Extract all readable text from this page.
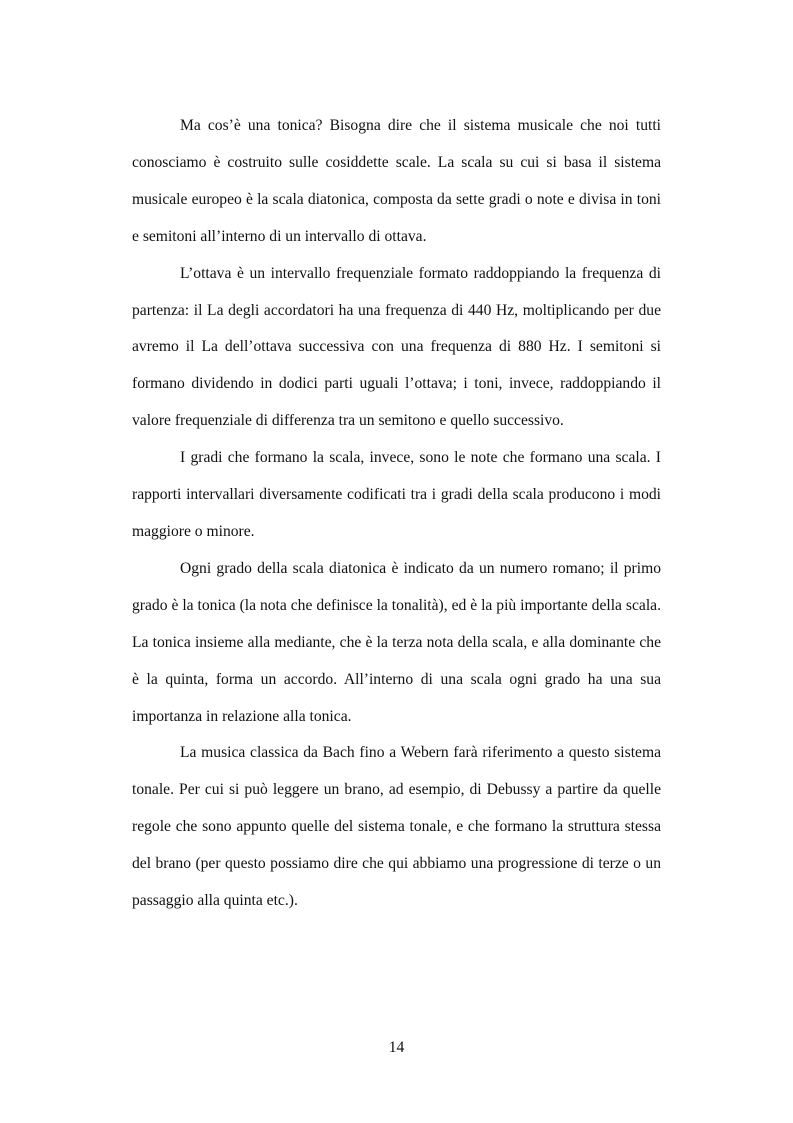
Ma cos’è una tonica? Bisogna dire che il sistema musicale che noi tutti conosciamo è costruito sulle cosiddette scale. La scala su cui si basa il sistema musicale europeo è la scala diatonica, composta da sette gradi o note e divisa in toni e semitoni all’interno di un intervallo di ottava.

L’ottava è un intervallo frequenziale formato raddoppiando la frequenza di partenza: il La degli accordatori ha una frequenza di 440 Hz, moltiplicando per due avremo il La dell’ottava successiva con una frequenza di 880 Hz. I semitoni si formano dividendo in dodici parti uguali l’ottava; i toni, invece, raddoppiando il valore frequenziale di differenza tra un semitono e quello successivo.

I gradi che formano la scala, invece, sono le note che formano una scala. I rapporti intervallari diversamente codificati tra i gradi della scala producono i modi maggiore o minore.

Ogni grado della scala diatonica è indicato da un numero romano; il primo grado è la tonica (la nota che definisce la tonalità), ed è la più importante della scala. La tonica insieme alla mediante, che è la terza nota della scala, e alla dominante che è la quinta, forma un accordo. All’interno di una scala ogni grado ha una sua importanza in relazione alla tonica.

La musica classica da Bach fino a Webern farà riferimento a questo sistema tonale. Per cui si può leggere un brano, ad esempio, di Debussy a partire da quelle regole che sono appunto quelle del sistema tonale, e che formano la struttura stessa del brano (per questo possiamo dire che qui abbiamo una progressione di terze o un passaggio alla quinta etc.).

14
